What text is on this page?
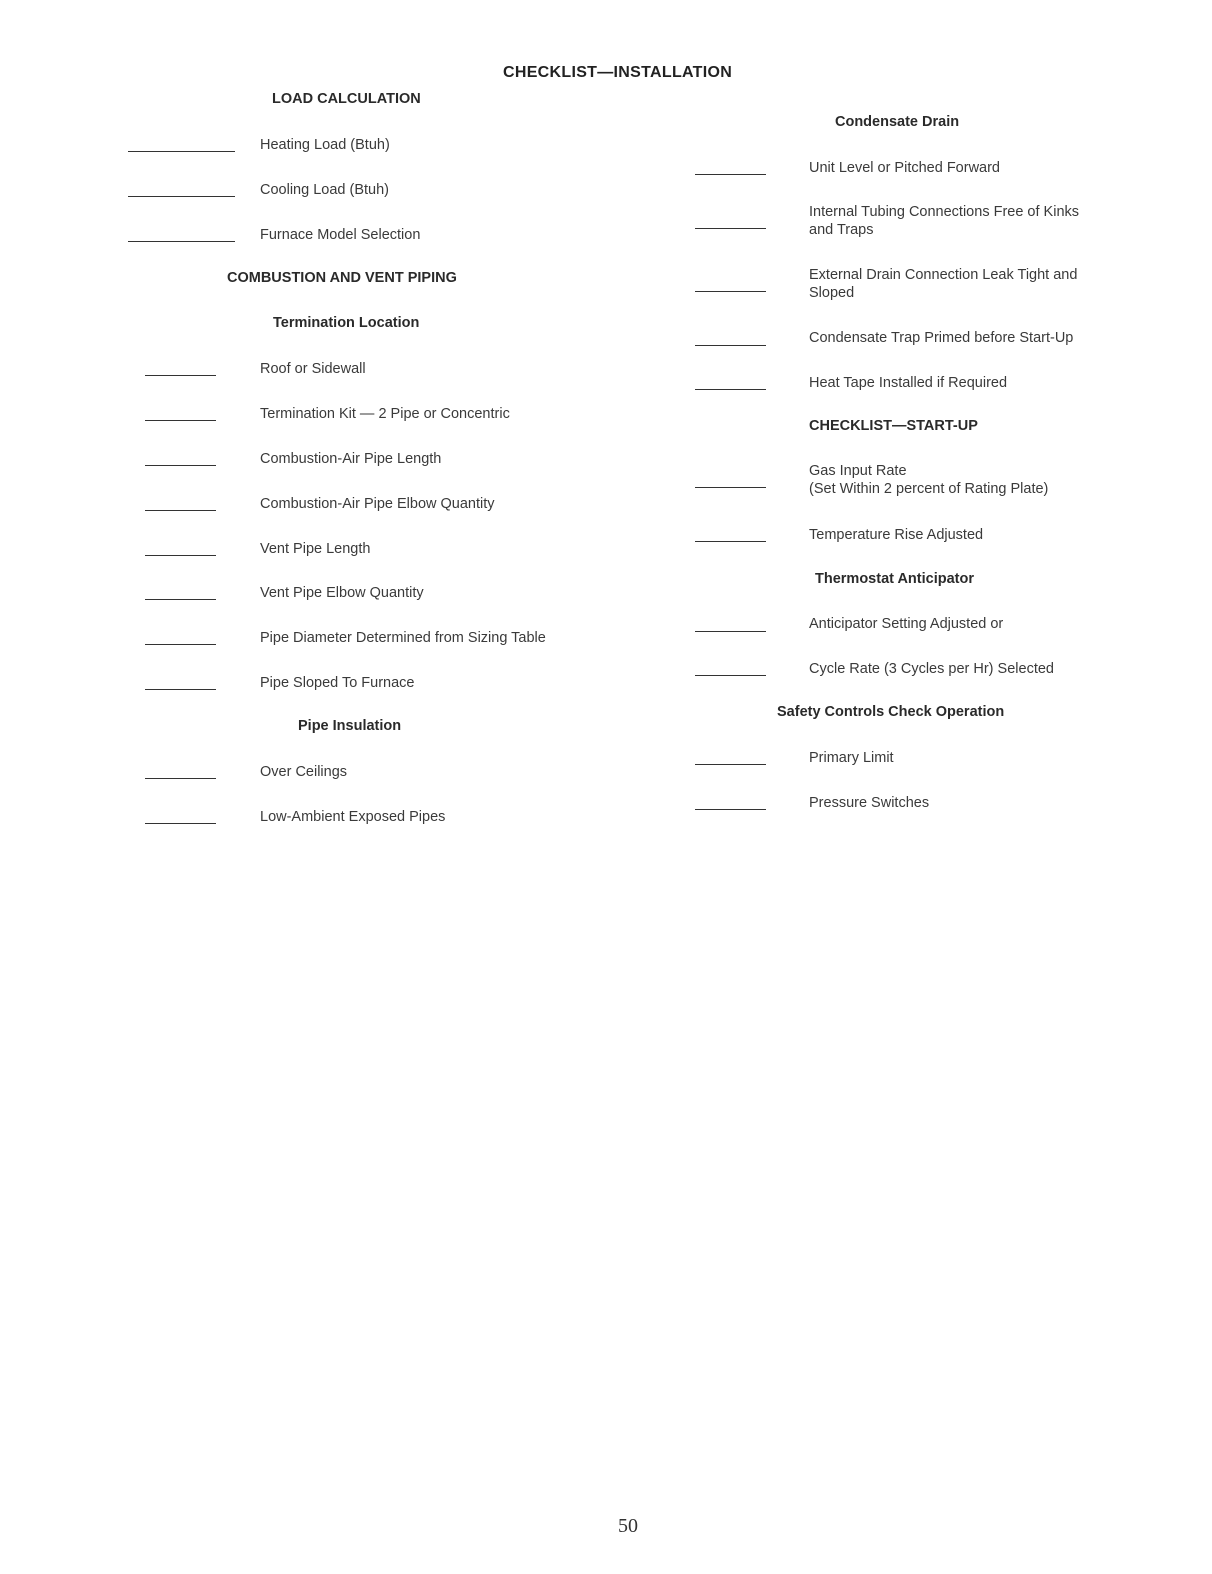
CHECKLIST—INSTALLATION
LOAD CALCULATION
Heating Load (Btuh)
Cooling Load (Btuh)
Furnace Model Selection
COMBUSTION AND VENT PIPING
Termination Location
Roof or Sidewall
Termination Kit — 2 Pipe or Concentric
Combustion-Air Pipe Length
Combustion-Air Pipe Elbow Quantity
Vent Pipe Length
Vent Pipe Elbow Quantity
Pipe Diameter Determined from Sizing Table
Pipe Sloped To Furnace
Pipe Insulation
Over Ceilings
Low-Ambient Exposed Pipes
Condensate Drain
Unit Level or Pitched Forward
Internal Tubing Connections Free of Kinks
and Traps
External Drain Connection Leak Tight and
Sloped
Condensate Trap Primed before Start-Up
Heat Tape Installed if Required
CHECKLIST—START-UP
Gas Input Rate
(Set Within 2 percent of Rating Plate)
Temperature Rise Adjusted
Thermostat Anticipator
Anticipator Setting Adjusted or
Cycle Rate (3 Cycles per Hr) Selected
Safety Controls Check Operation
Primary Limit
Pressure Switches
50
